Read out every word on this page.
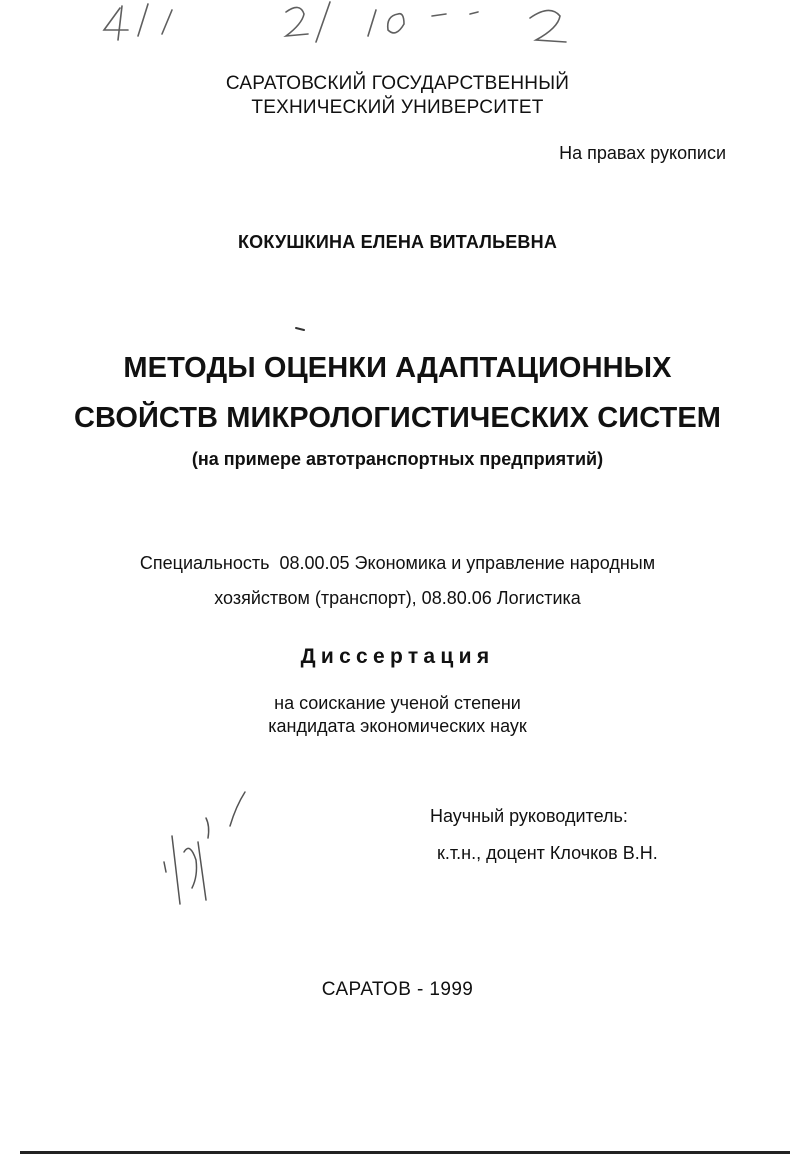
САРАТОВСКИЙ ГОСУДАРСТВЕННЫЙ
ТЕХНИЧЕСКИЙ УНИВЕРСИТЕТ
На правах рукописи
КОКУШКИНА ЕЛЕНА ВИТАЛЬЕВНА
МЕТОДЫ ОЦЕНКИ АДАПТАЦИОННЫХ
СВОЙСТВ МИКРОЛОГИСТИЧЕСКИХ СИСТЕМ
(на примере автотранспортных предприятий)
Специальность  08.00.05 Экономика и управление народным
хозяйством (транспорт), 08.80.06 Логистика
Диссертация
на соискание ученой степени
кандидата экономических наук
Научный руководитель:
к.т.н., доцент Клочков В.Н.
САРАТОВ - 1999
